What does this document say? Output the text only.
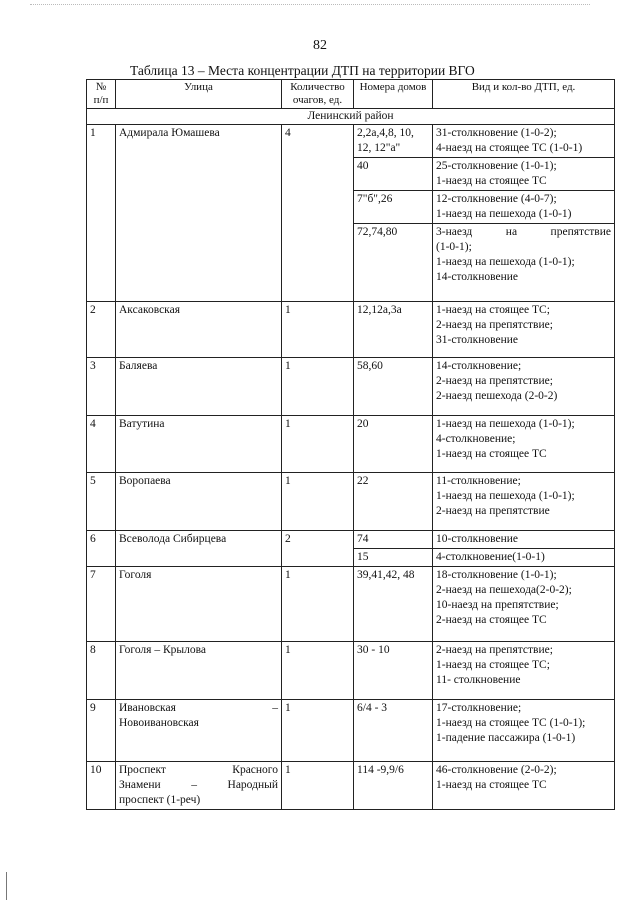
82
Таблица 13 – Места концентрации ДТП на территории ВГО
№ п/п	Улица	Количество очагов, ед.	Номера домов	Вид и кол-во ДТП, ед.
Ленинский район				
1	Адмирала Юмашева	4	2,2а,4,8, 10, 12, 12"а"	31-столкновение (1-0-2);
4-наезд на стоящее ТС (1-0-1)

			40	25-столкновение (1-0-1);
1-наезд на стоящее ТС

			7"б",26	12-столкновение (4-0-7);
1-наезд на пешехода (1-0-1)

			72,74,80	3-наезд на препятствие
(1-0-1);
1-наезд на пешехода (1-0-1);
14-столкновение

2	Аксаковская	1	12,12а,3а	1-наезд на стоящее ТС;
2-наезд на препятствие;
31-столкновение

3	Баляева	1	58,60	14-столкновение;
2-наезд на препятствие;
2-наезд пешехода (2-0-2)

4	Ватутина	1	20	1-наезд на пешехода (1-0-1);
4-столкновение;
1-наезд на стоящее ТС

5	Воропаева	1	22	11-столкновение;
1-наезд на пешехода (1-0-1);
2-наезд на препятствие

6	Всеволода Сибирцева	2	74	10-столкновение

			15	4-столкновение(1-0-1)

7	Гоголя	1	39,41,42, 48	18-столкновение (1-0-1);
2-наезд на пешехода(2-0-2);
10-наезд на препятствие;
2-наезд на стоящее ТС

8	Гоголя – Крылова	1	30 - 10	2-наезд на препятствие;
1-наезд на стоящее ТС;
11- столкновение

9	Ивановская –
Новоивановская	1	6/4 - 3	17-столкновение;
1-наезд на стоящее ТС (1-0-1);
1-падение пассажира (1-0-1)

10	Проспект Красного
Знамени – Народный
проспект (1-реч)	1	114 -9,9/6	46-столкновение (2-0-2);
1-наезд на стоящее ТС
